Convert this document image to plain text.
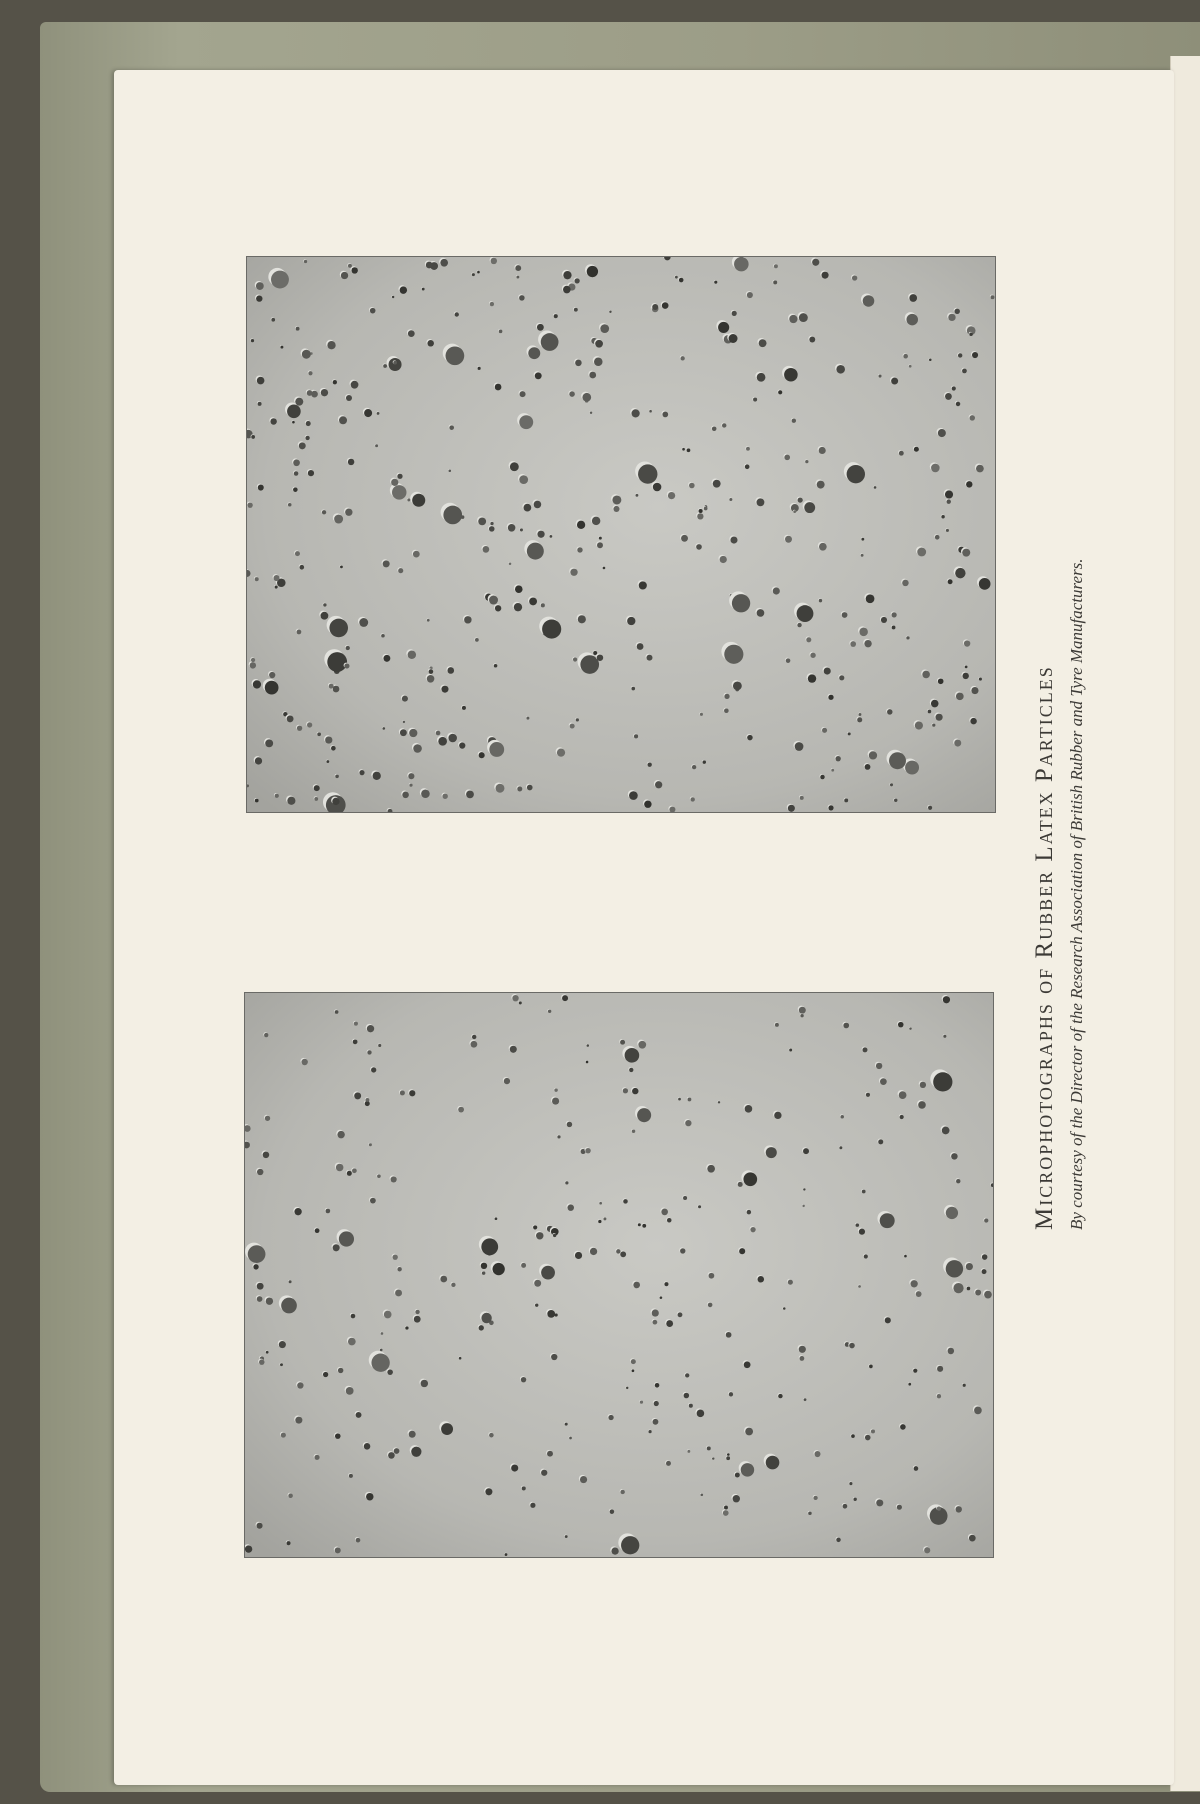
Microphotographs of Rubber Latex Particles By courtesy of the Director of the Research Association of British Rubber and Tyre Manufacturers.
